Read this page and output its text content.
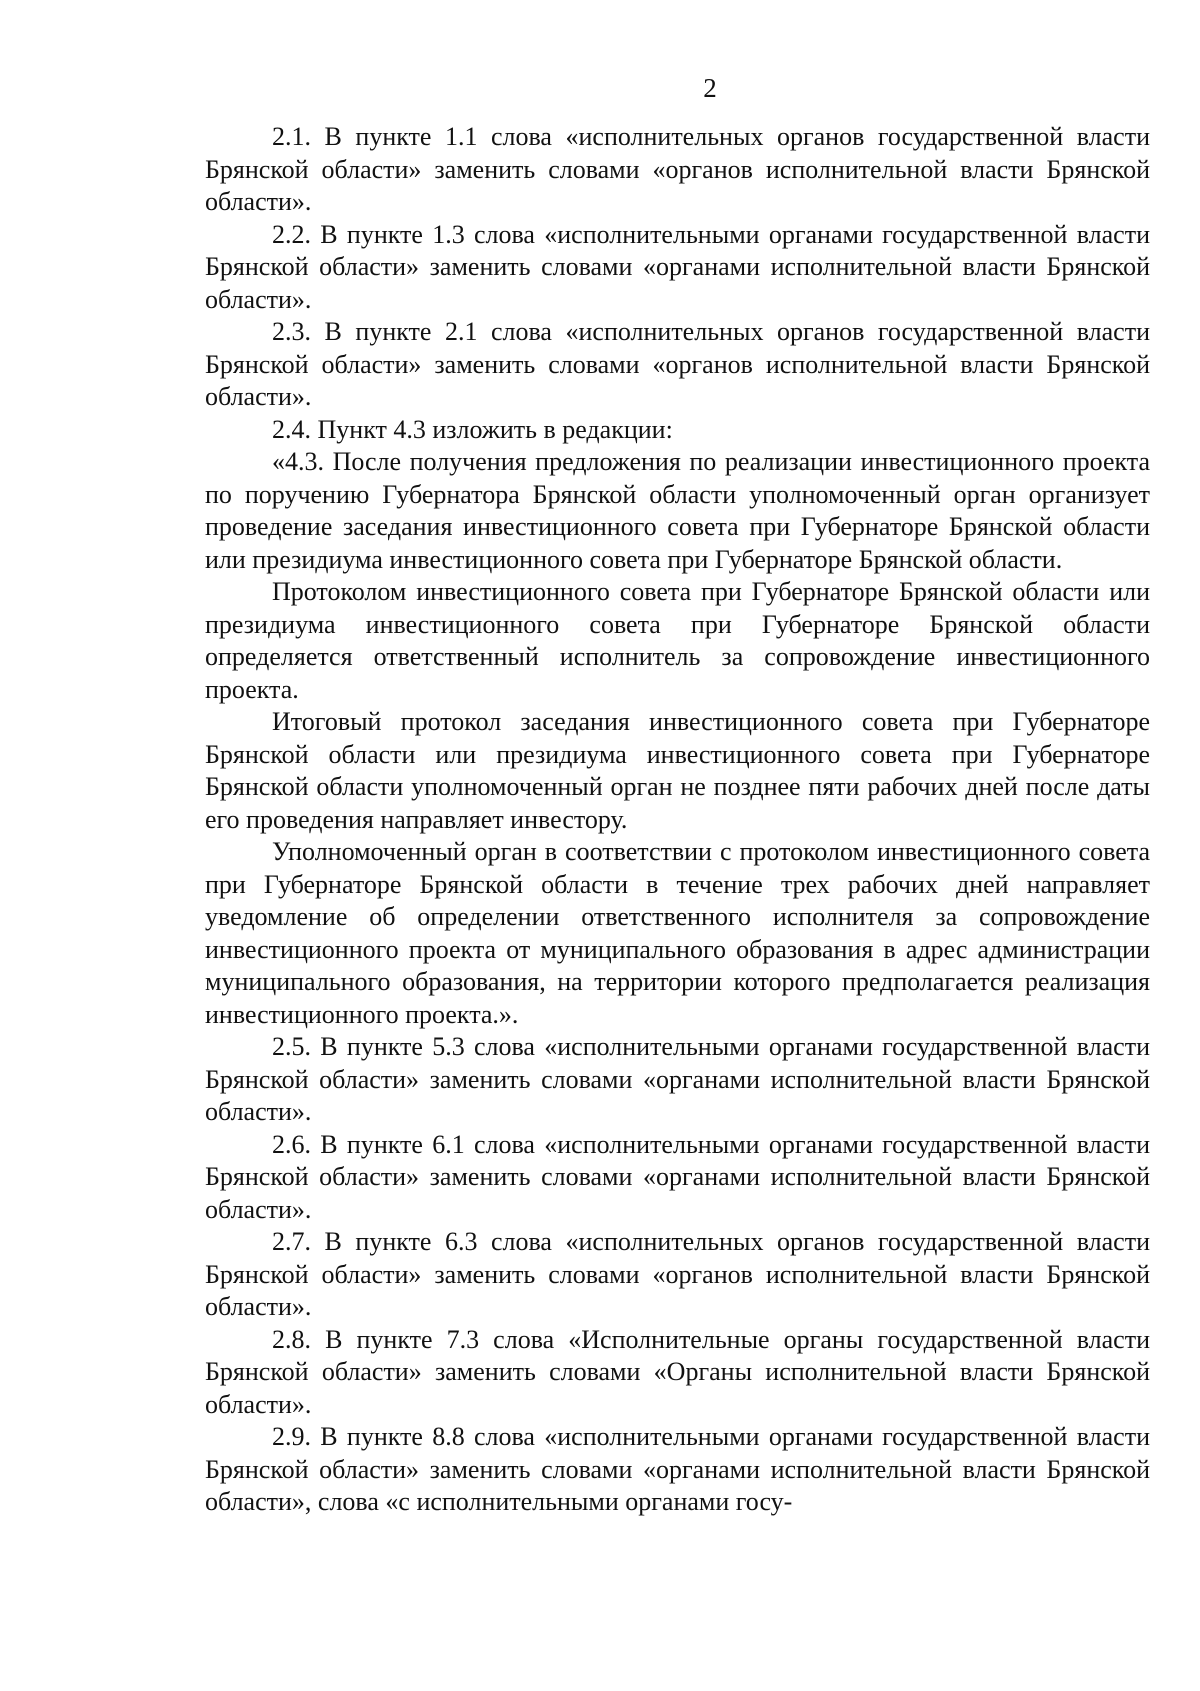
2

2.1. В пункте 1.1 слова «исполнительных органов государственной власти Брянской области» заменить словами «органов исполнительной власти Брянской области».

2.2. В пункте 1.3 слова «исполнительными органами государственной власти Брянской области» заменить словами «органами исполнительной власти Брянской области».

2.3. В пункте 2.1 слова «исполнительных органов государственной власти Брянской области» заменить словами «органов исполнительной власти Брянской области».

2.4. Пункт 4.3 изложить в редакции:

«4.3. После получения предложения по реализации инвестиционного проекта по поручению Губернатора Брянской области уполномоченный орган организует проведение заседания инвестиционного совета при Губернаторе Брянской области или президиума инвестиционного совета при Губернаторе Брянской области.

Протоколом инвестиционного совета при Губернаторе Брянской области или президиума инвестиционного совета при Губернаторе Брянской области определяется ответственный исполнитель за сопровождение инвестиционного проекта.

Итоговый протокол заседания инвестиционного совета при Губернаторе Брянской области или президиума инвестиционного совета при Губернаторе Брянской области уполномоченный орган не позднее пяти рабочих дней после даты его проведения направляет инвестору.

Уполномоченный орган в соответствии с протоколом инвестиционного совета при Губернаторе Брянской области в течение трех рабочих дней направляет уведомление об определении ответственного исполнителя за сопровождение инвестиционного проекта от муниципального образования в адрес администрации муниципального образования, на территории которого предполагается реализация инвестиционного проекта.».

2.5. В пункте 5.3 слова «исполнительными органами государственной власти Брянской области» заменить словами «органами исполнительной власти Брянской области».

2.6. В пункте 6.1 слова «исполнительными органами государственной власти Брянской области» заменить словами «органами исполнительной власти Брянской области».

2.7. В пункте 6.3 слова «исполнительных органов государственной власти Брянской области» заменить словами «органов исполнительной власти Брянской области».

2.8. В пункте 7.3 слова «Исполнительные органы государственной власти Брянской области» заменить словами «Органы исполнительной власти Брянской области».

2.9. В пункте 8.8 слова «исполнительными органами государственной власти Брянской области» заменить словами «органами исполнительной власти Брянской области», слова «с исполнительными органами госу-
